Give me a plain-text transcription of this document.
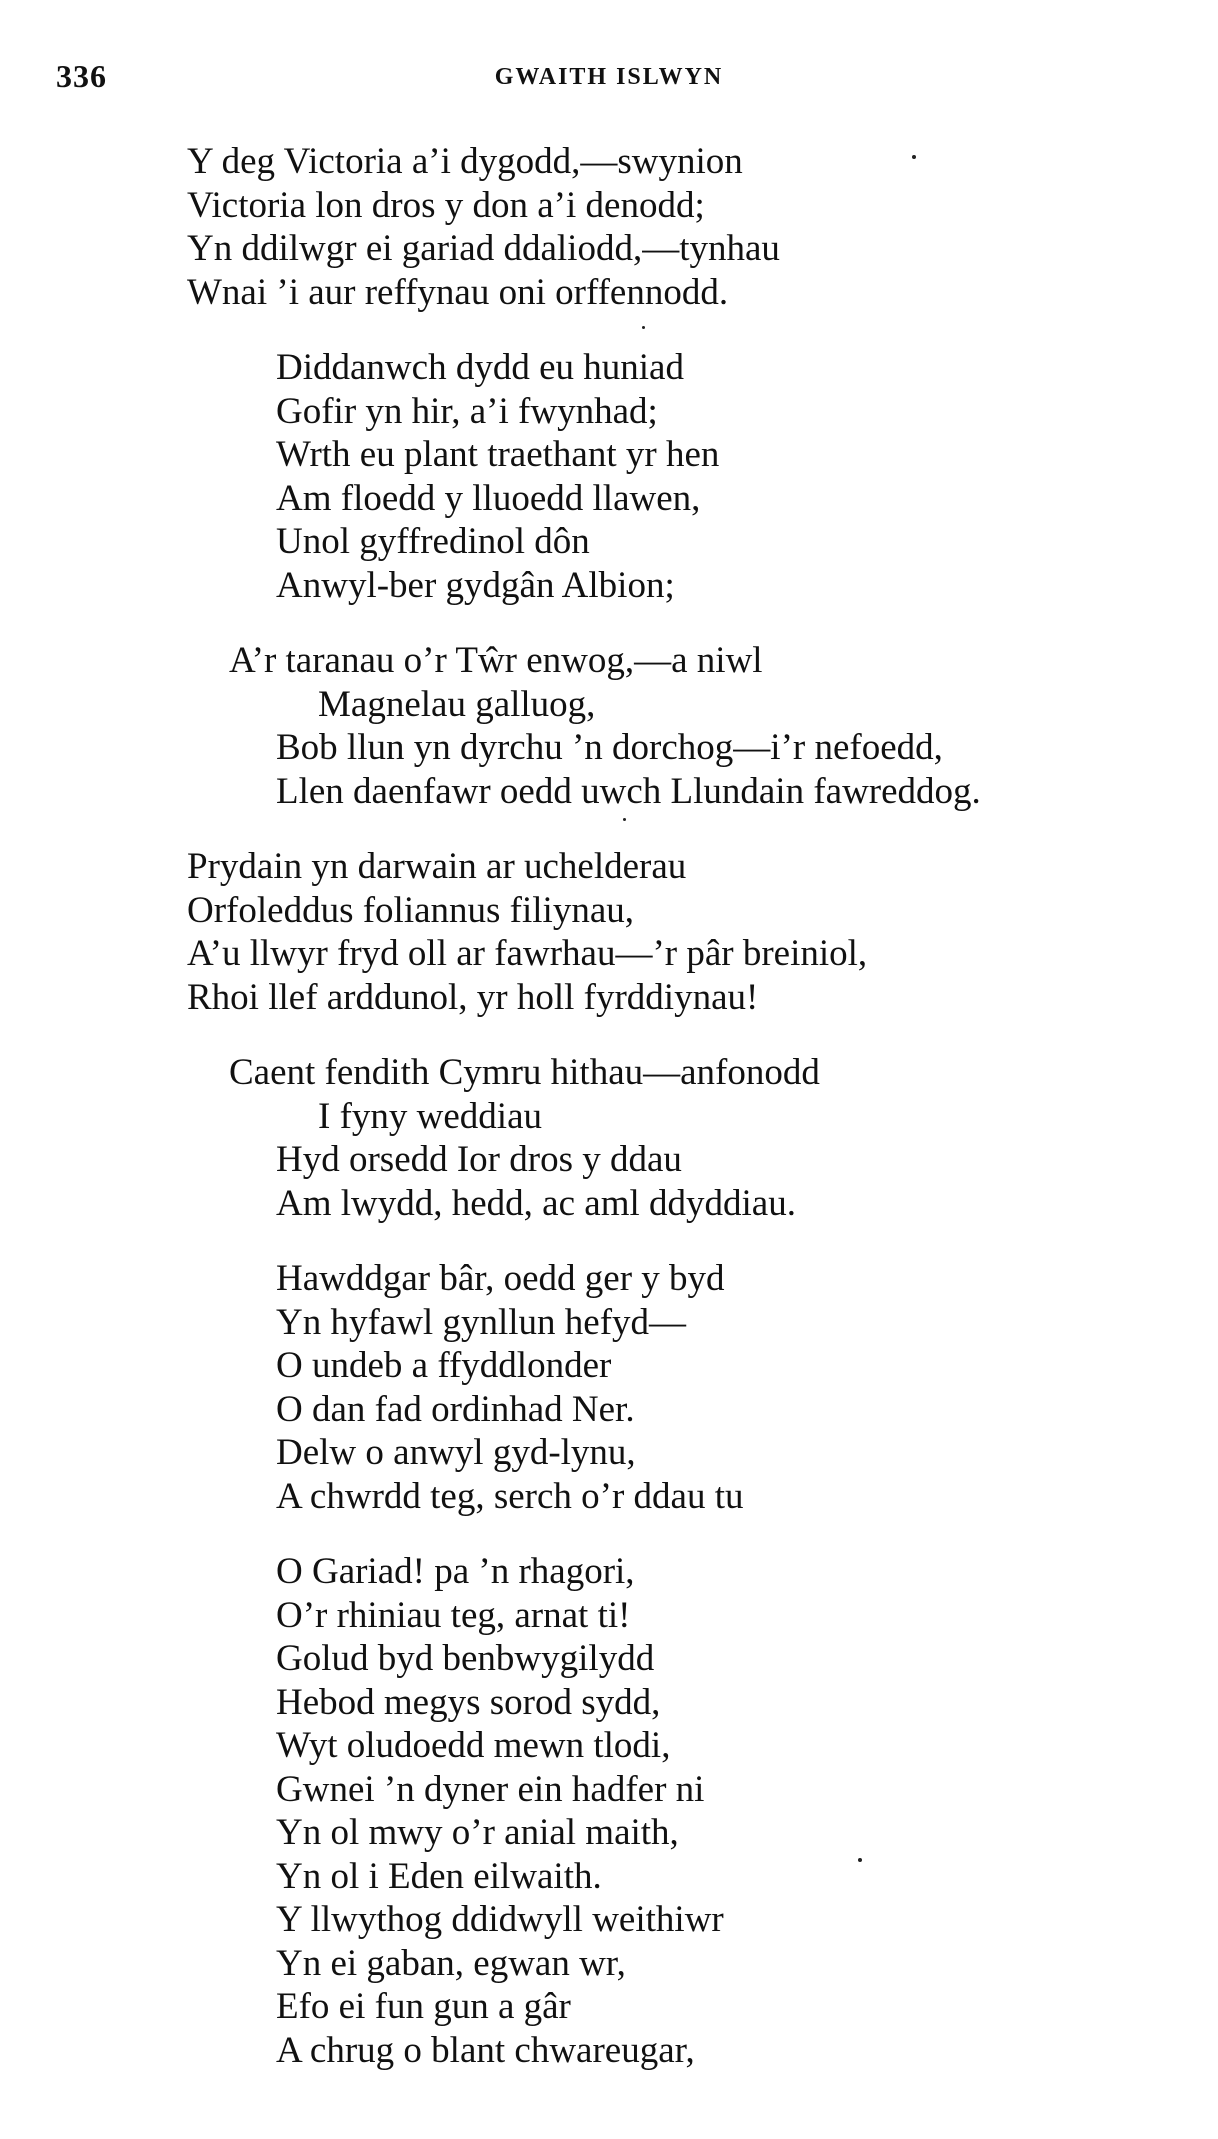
336	GWAITH ISLWYN
Y deg Victoria a’i dygodd,—swynion
Victoria lon dros y don a’i denodd;
Yn ddilwgr ei gariad ddaliodd,—tynhau
Wnai ’i aur reffynau oni orffennodd.
Diddanwch dydd eu huniad
Gofir yn hir, a’i fwynhad;
Wrth eu plant traethant yr hen
Am floedd y lluoedd llawen,
Unol gyffredinol dôn
Anwyl-ber gydgân Albion;
A’r taranau o’r Tŵr enwog,—a niwl
Magnelau galluog,
Bob llun yn dyrchu ’n dorchog—i’r nefoedd,
Llen daenfawr oedd uwch Llundain fawreddog.
Prydain yn darwain ar uchelderau
Orfoleddus foliannus filiynau,
A’u llwyr fryd oll ar fawrhau—’r pâr breiniol,
Rhoi llef arddunol, yr holl fyrddiynau!
Caent fendith Cymru hithau—anfonodd
I fyny weddiau
Hyd orsedd Ior dros y ddau
Am lwydd, hedd, ac aml ddyddiau.
Hawddgar bâr, oedd ger y byd
Yn hyfawl gynllun hefyd—
O undeb a ffyddlonder
O dan fad ordinhad Ner.
Delw o anwyl gyd-lynu,
A chwrdd teg, serch o’r ddau tu
O Gariad! pa ’n rhagori,
O’r rhiniau teg, arnat ti!
Golud byd benbwygilydd
Hebod megys sorod sydd,
Wyt oludoedd mewn tlodi,
Gwnei ’n dyner ein hadfer ni
Yn ol mwy o’r anial maith,
Yn ol i Eden eilwaith.
Y llwythog ddidwyll weithiwr
Yn ei gaban, egwan wr,
Efo ei fun gun a gâr
A chrug o blant chwareugar,
